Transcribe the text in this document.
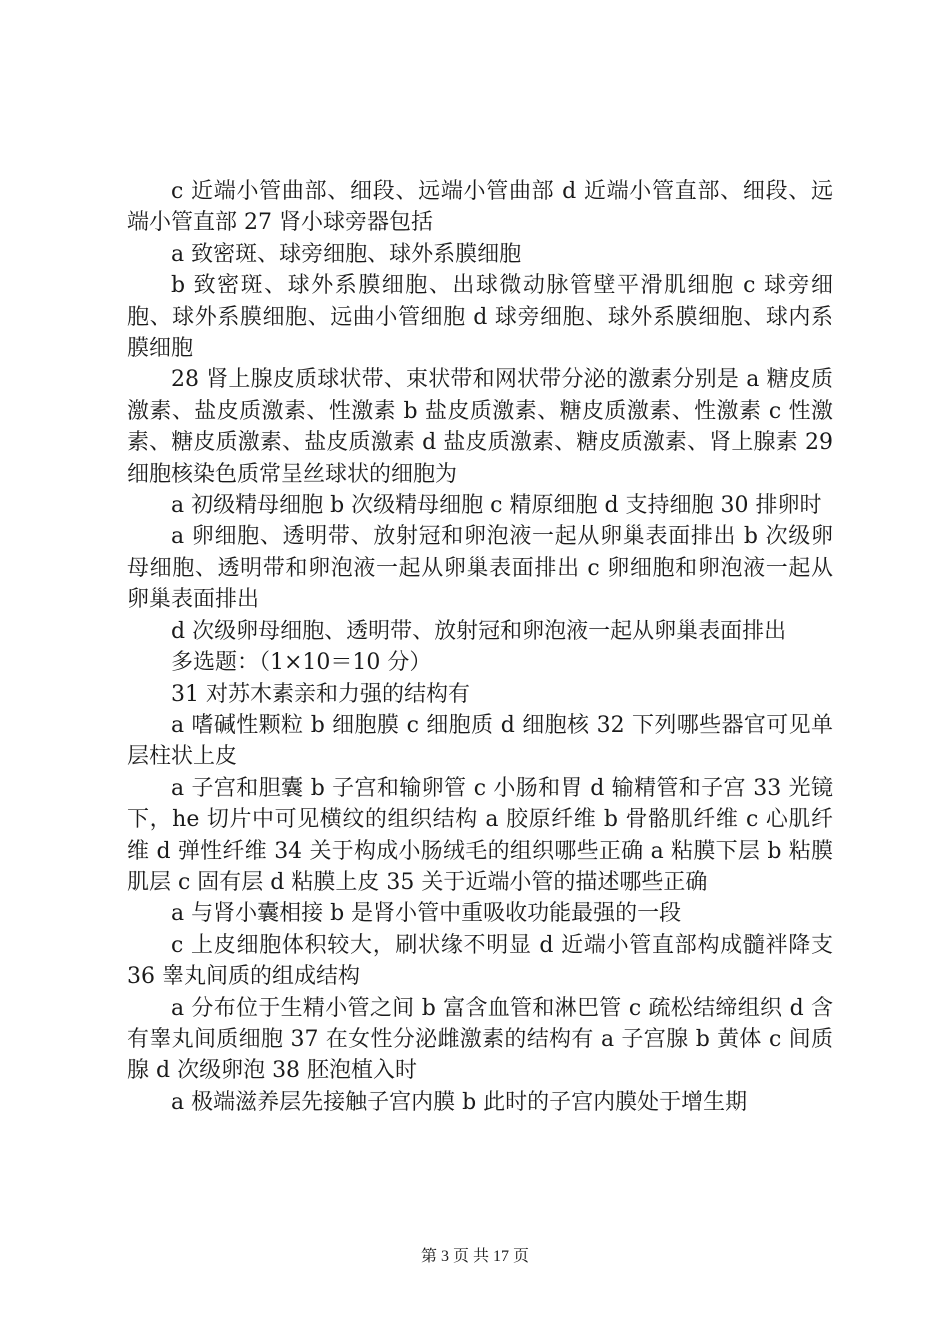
c 近端小管曲部、细段、远端小管曲部 d 近端小管直部、细段、远端小管直部 27 肾小球旁器包括

a 致密斑、球旁细胞、球外系膜细胞

b 致密斑、球外系膜细胞、出球微动脉管壁平滑肌细胞 c 球旁细胞、球外系膜细胞、远曲小管细胞 d 球旁细胞、球外系膜细胞、球内系膜细胞

28 肾上腺皮质球状带、束状带和网状带分泌的激素分别是 a 糖皮质激素、盐皮质激素、性激素 b 盐皮质激素、糖皮质激素、性激素 c 性激素、糖皮质激素、盐皮质激素 d 盐皮质激素、糖皮质激素、肾上腺素 29 细胞核染色质常呈丝球状的细胞为

a 初级精母细胞 b 次级精母细胞 c 精原细胞 d 支持细胞 30 排卵时

a 卵细胞、透明带、放射冠和卵泡液一起从卵巢表面排出 b 次级卵母细胞、透明带和卵泡液一起从卵巢表面排出 c 卵细胞和卵泡液一起从卵巢表面排出

d 次级卵母细胞、透明带、放射冠和卵泡液一起从卵巢表面排出

多选题：（1×10＝10 分）

31 对苏木素亲和力强的结构有

a 嗜碱性颗粒 b 细胞膜 c 细胞质 d 细胞核 32 下列哪些器官可见单层柱状上皮

a 子宫和胆囊 b 子宫和输卵管 c 小肠和胃 d 输精管和子宫 33 光镜下，he 切片中可见横纹的组织结构 a 胶原纤维 b 骨骼肌纤维 c 心肌纤维 d 弹性纤维 34 关于构成小肠绒毛的组织哪些正确 a 粘膜下层 b 粘膜肌层 c 固有层 d 粘膜上皮 35 关于近端小管的描述哪些正确

a 与肾小囊相接 b 是肾小管中重吸收功能最强的一段

c 上皮细胞体积较大，刷状缘不明显 d 近端小管直部构成髓袢降支 36 睾丸间质的组成结构

a 分布位于生精小管之间 b 富含血管和淋巴管 c 疏松结缔组织 d 含有睾丸间质细胞 37 在女性分泌雌激素的结构有 a 子宫腺 b 黄体 c 间质腺 d 次级卵泡 38 胚泡植入时

a 极端滋养层先接触子宫内膜 b 此时的子宫内膜处于增生期

第 3 页 共 17 页
